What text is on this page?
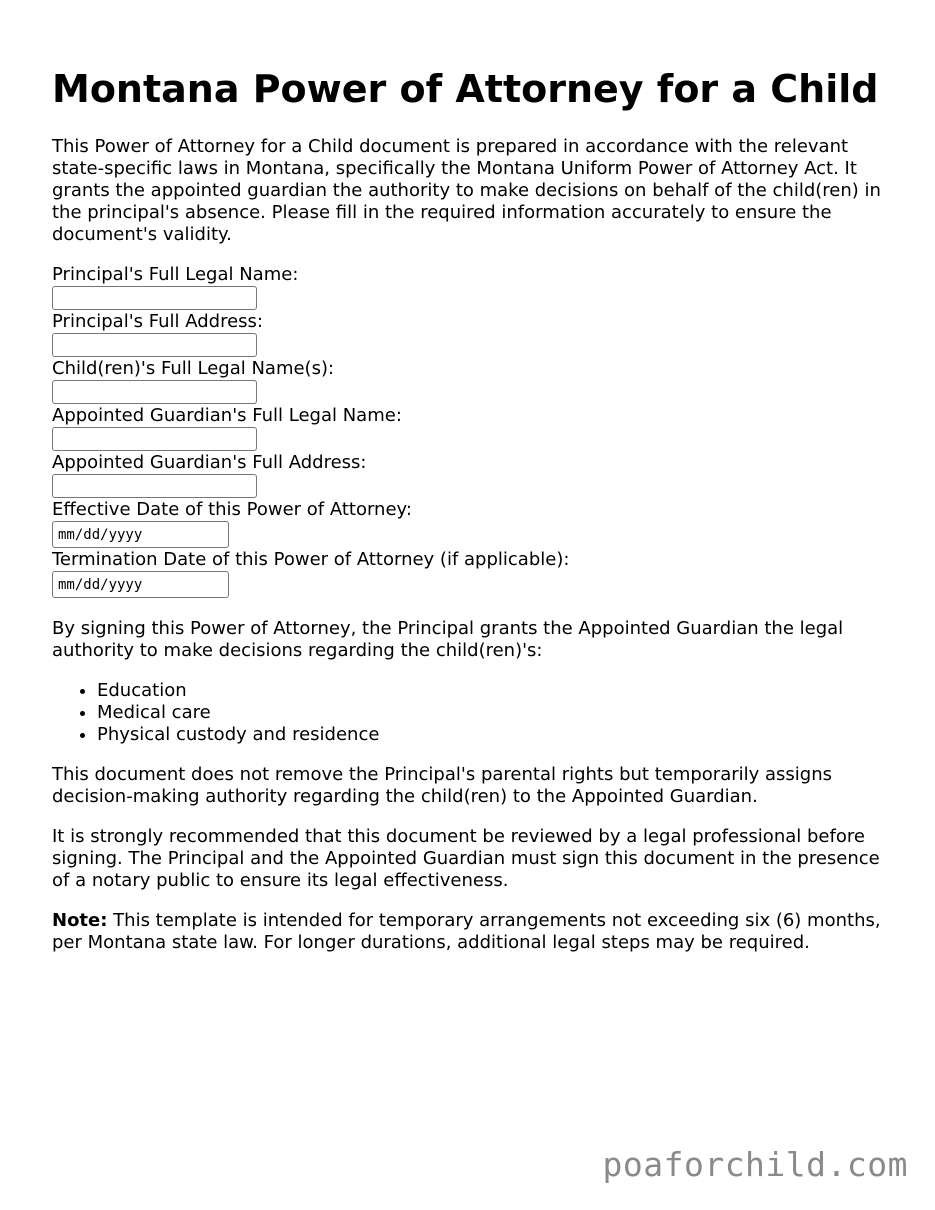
Montana Power of Attorney for a Child

This Power of Attorney for a Child document is prepared in accordance with the relevant state-specific laws in Montana, specifically the Montana Uniform Power of Attorney Act. It grants the appointed guardian the authority to make decisions on behalf of the child(ren) in the principal's absence. Please fill in the required information accurately to ensure the document's validity.

Principal's Full Legal Name:
Principal's Full Address:
Child(ren)'s Full Legal Name(s):
Appointed Guardian's Full Legal Name:
Appointed Guardian's Full Address:
Effective Date of this Power of Attorney:
mm/dd/yyyy
Termination Date of this Power of Attorney (if applicable):
mm/dd/yyyy

By signing this Power of Attorney, the Principal grants the Appointed Guardian the legal authority to make decisions regarding the child(ren)'s:

• Education
• Medical care
• Physical custody and residence

This document does not remove the Principal's parental rights but temporarily assigns decision-making authority regarding the child(ren) to the Appointed Guardian.

It is strongly recommended that this document be reviewed by a legal professional before signing. The Principal and the Appointed Guardian must sign this document in the presence of a notary public to ensure its legal effectiveness.

Note: This template is intended for temporary arrangements not exceeding six (6) months, per Montana state law. For longer durations, additional legal steps may be required.

poaforchild.com
